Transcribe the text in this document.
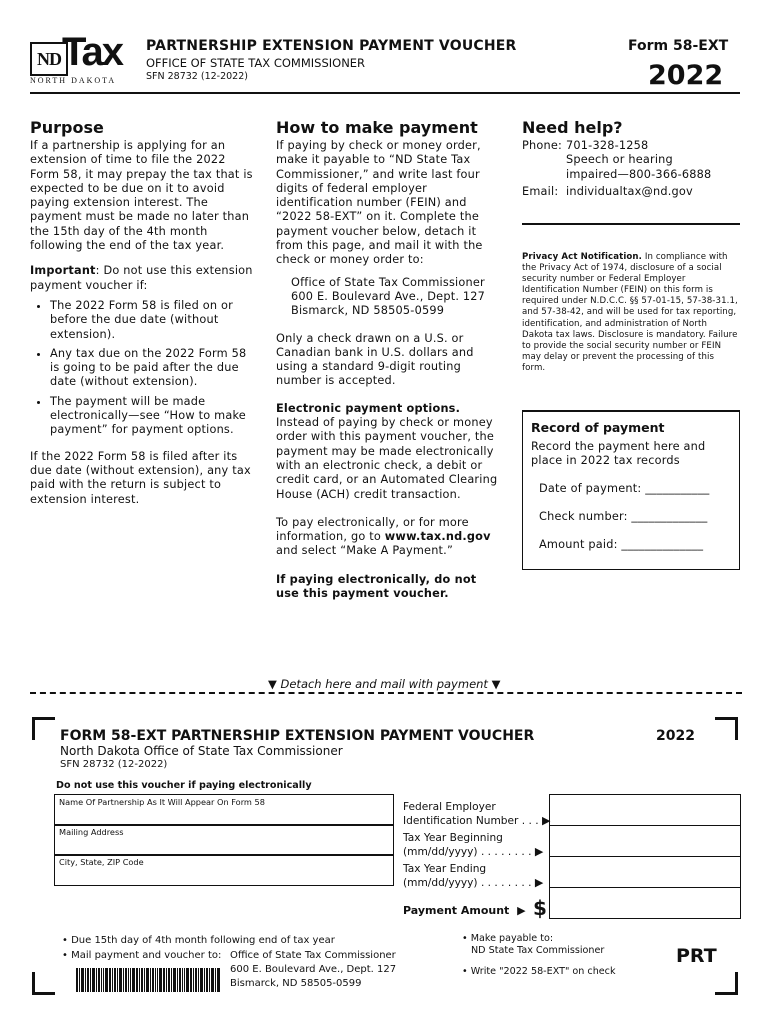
ND Tax
NORTH DAKOTA
PARTNERSHIP EXTENSION PAYMENT VOUCHER
OFFICE OF STATE TAX COMMISSIONER
SFN 28732 (12-2022)
Form 58-EXT
2022
Purpose
If a partnership is applying for an extension of time to file the 2022 Form 58, it may prepay the tax that is expected to be due on it to avoid paying extension interest. The payment must be made no later than the 15th day of the 4th month following the end of the tax year.
Important: Do not use this extension payment voucher if:
• The 2022 Form 58 is filed on or before the due date (without extension).
• Any tax due on the 2022 Form 58 is going to be paid after the due date (without extension).
• The payment will be made electronically—see “How to make payment” for payment options.
If the 2022 Form 58 is filed after its due date (without extension), any tax paid with the return is subject to extension interest.
How to make payment
If paying by check or money order, make it payable to “ND State Tax Commissioner,” and write last four digits of federal employer identification number (FEIN) and “2022 58-EXT” on it. Complete the payment voucher below, detach it from this page, and mail it with the check or money order to:
Office of State Tax Commissioner
600 E. Boulevard Ave., Dept. 127
Bismarck, ND 58505-0599
Only a check drawn on a U.S. or Canadian bank in U.S. dollars and using a standard 9-digit routing number is accepted.
Electronic payment options.
Instead of paying by check or money order with this payment voucher, the payment may be made electronically with an electronic check, a debit or credit card, or an Automated Clearing House (ACH) credit transaction.
To pay electronically, or for more information, go to www.tax.nd.gov and select “Make A Payment.”
If paying electronically, do not use this payment voucher.
Need help?
Phone:	701-328-1258
Speech or hearing
impaired—800-366-6888

Email:	individualtax@nd.gov
Privacy Act Notification. In compliance with the Privacy Act of 1974, disclosure of a social security number or Federal Employer Identification Number (FEIN) on this form is required under N.D.C.C. §§ 57-01-15, 57-38-31.1, and 57-38-42, and will be used for tax reporting, identification, and administration of North Dakota tax laws. Disclosure is mandatory. Failure to provide the social security number or FEIN may delay or prevent the processing of this form.
Record of payment
Record the payment here and place in 2022 tax records
Date of payment: ___________
Check number: _____________
Amount paid: ______________
▼ Detach here and mail with payment ▼
FORM 58-EXT PARTNERSHIP EXTENSION PAYMENT VOUCHER	2022
North Dakota Office of State Tax Commissioner
SFN 28732 (12-2022)
Do not use this voucher if paying electronically
Name Of Partnership As It Will Appear On Form 58
Mailing Address
City, State, ZIP Code
Federal Employer
Identification Number . . . ▶
Tax Year Beginning
(mm/dd/yyyy) . . . . . . . . ▶
Tax Year Ending
(mm/dd/yyyy) . . . . . . . . ▶
Payment Amount ▶ $
• Due 15th day of 4th month following end of tax year
• Mail payment and voucher to: Office of State Tax Commissioner
600 E. Boulevard Ave., Dept. 127
Bismarck, ND 58505-0599
• Make payable to:
ND State Tax Commissioner
• Write "2022 58-EXT" on check
PRT
